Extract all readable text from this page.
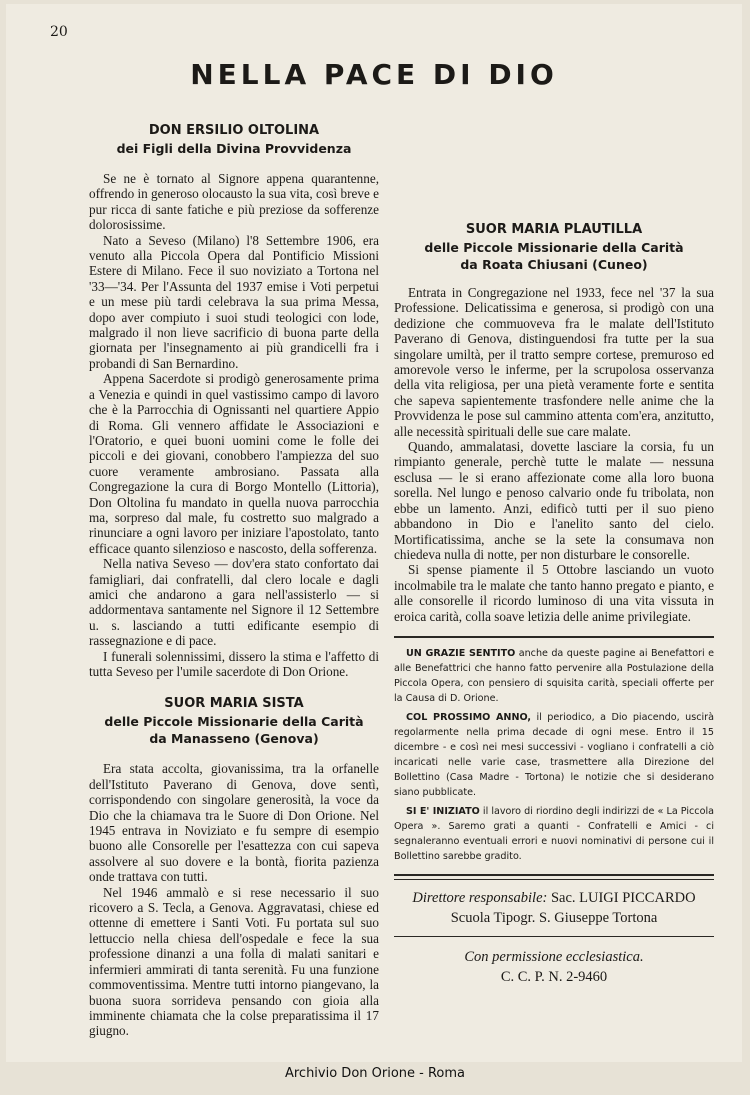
20
NELLA PACE DI DIO
DON ERSILIO OLTOLINA
dei Figli della Divina Provvidenza

Se ne è tornato al Signore appena quarantenne, offrendo in generoso olocausto la sua vita, così breve e pur ricca di sante fatiche e più preziose da sofferenze dolorosissime.

Nato a Seveso (Milano) l'8 Settembre 1906, era venuto alla Piccola Opera dal Pontificio Missioni Estere di Milano. Fece il suo noviziato a Tortona nel '33—'34. Per l'Assunta del 1937 emise i Voti perpetui e un mese più tardi celebrava la sua prima Messa, dopo aver compiuto i suoi studi teologici con lode, malgrado il non lieve sacrificio di buona parte della giornata per l'insegnamento ai più grandicelli fra i probandi di San Bernardino.

Appena Sacerdote si prodigò generosamente prima a Venezia e quindi in quel vastissimo campo di lavoro che è la Parrocchia di Ognissanti nel quartiere Appio di Roma. Gli vennero affidate le Associazioni e l'Oratorio, e quei buoni uomini come le folle dei piccoli e dei giovani, conobbero l'ampiezza del suo cuore veramente ambrosiano. Passata alla Congregazione la cura di Borgo Montello (Littoria), Don Oltolina fu mandato in quella nuova parrocchia ma, sorpreso dal male, fu costretto suo malgrado a rinunciare a ogni lavoro per iniziare l'apostolato, tanto efficace quanto silenzioso e nascosto, della sofferenza.

Nella nativa Seveso — dov'era stato confortato dai famigliari, dai confratelli, dal clero locale e dagli amici che andarono a gara nell'assisterlo — si addormentava santamente nel Signore il 12 Settembre u. s. lasciando a tutti edificante esempio di rassegnazione e di pace.

I funerali solennissimi, dissero la stima e l'affetto di tutta Seveso per l'umile sacerdote di Don Orione.

SUOR MARIA SISTA
delle Piccole Missionarie della Carità
da Manasseno (Genova)

Era stata accolta, giovanissima, tra la orfanelle dell'Istituto Paverano di Genova, dove sentì, corrispondendo con singolare generosità, la voce da Dio che la chiamava tra le Suore di Don Orione. Nel 1945 entrava in Noviziato e fu sempre di esempio buono alle Consorelle per l'esattezza con cui sapeva assolvere al suo dovere e la bontà, fiorita pazienza onde trattava con tutti.

Nel 1946 ammalò e si rese necessario il suo ricovero a S. Tecla, a Genova. Aggravatasi, chiese ed ottenne di emettere i Santi Voti. Fu portata sul suo lettuccio nella chiesa dell'ospedale e fece la sua professione dinanzi a una folla di malati sanitari e infermieri ammirati di tanta serenità. Fu una funzione commoventissima. Mentre tutti intorno piangevano, la buona suora sorrideva pensando con gioia alla imminente chiamata che la colse preparatissima il 17 giugno.

SUOR MARIA PLAUTILLA
delle Piccole Missionarie della Carità
da Roata Chiusani (Cuneo)

Entrata in Congregazione nel 1933, fece nel '37 la sua Professione. Delicatissima e generosa, si prodigò con una dedizione che commuoveva fra le malate dell'Istituto Paverano di Genova, distinguendosi fra tutte per la sua singolare umiltà, per il tratto sempre cortese, premuroso ed amorevole verso le inferme, per la scrupolosa osservanza della vita religiosa, per una pietà veramente forte e sentita che sapeva sapientemente trasfondere nelle anime che la Provvidenza le pose sul cammino attenta com'era, anzitutto, alle necessità spirituali delle sue care malate.

Quando, ammalatasi, dovette lasciare la corsia, fu un rimpianto generale, perchè tutte le malate — nessuna esclusa — le si erano affezionate come alla loro buona sorella. Nel lungo e penoso calvario onde fu tribolata, non ebbe un lamento. Anzi, edificò tutti per il suo pieno abbandono in Dio e l'anelito santo del cielo. Mortificatissima, anche se la sete la consumava non chiedeva nulla di notte, per non disturbare le consorelle.

Si spense piamente il 5 Ottobre lasciando un vuoto incolmabile tra le malate che tanto hanno pregato e pianto, e alle consorelle il ricordo luminoso di una vita vissuta in eroica carità, colla soave letizia delle anime privilegiate.

UN GRAZIE SENTITO anche da queste pagine ai Benefattori e alle Benefattrici che hanno fatto pervenire alla Postulazione della Piccola Opera, con pensiero di squisita carità, speciali offerte per la Causa di D. Orione.

COL PROSSIMO ANNO, il periodico, a Dio piacendo, uscirà regolarmente nella prima decade di ogni mese. Entro il 15 dicembre - e così nei mesi successivi - vogliano i confratelli a ciò incaricati nelle varie case, trasmettere alla Direzione del Bollettino (Casa Madre - Tortona) le notizie che si desiderano siano pubblicate.

SI E' INIZIATO il lavoro di riordino degli indirizzi de « La Piccola Opera ». Saremo grati a quanti - Confratelli e Amici - ci segnaleranno eventuali errori e nuovi nominativi di persone cui il Bollettino sarebbe gradito.

Direttore responsabile: Sac. LUIGI PICCARDO
Scuola Tipogr. S. Giuseppe Tortona
Con permissione ecclesiastica.
C. C. P. N. 2-9460
Archivio Don Orione - Roma
